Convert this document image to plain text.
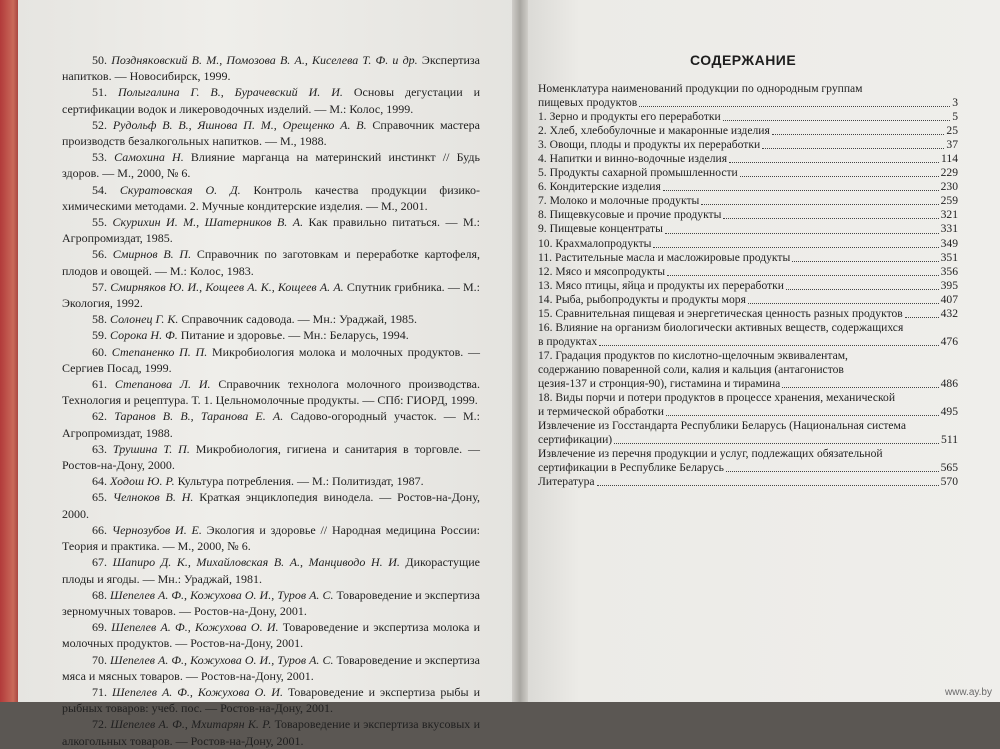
50. Позднякoвский В. М., Помозова В. А., Киселева Т. Ф. и др. Экспертиза напитков. — Новосибирск, 1999.
51. Полыгалина Г. В., Бурачевский И. И. Основы дегустации и сертификации водок и ликероводочных изделий. — М.: Колос, 1999.
52. Рудольф В. В., Яшнова П. М., Орещенко А. В. Справочник мастера производств безалкогольных напитков. — М., 1988.
53. Самохина Н. Влияние марганца на материнский инстинкт // Будь здоров. — М., 2000, № 6.
54. Скуратовская О. Д. Контроль качества продукции физико-химическими методами. 2. Мучные кондитерские изделия. — М., 2001.
55. Скурихин И. М., Шатерников В. А. Как правильно питаться. — М.: Агропромиздат, 1985.
56. Смирнов В. П. Справочник по заготовкам и переработке картофеля, плодов и овощей. — М.: Колос, 1983.
57. Смирняков Ю. И., Кощеев А. К., Кощеев А. А. Спутник грибника. — М.: Экология, 1992.
58. Солонец Г. К. Справочник садовода. — Мн.: Ураджай, 1985.
59. Сорока Н. Ф. Питание и здоровье. — Мн.: Беларусь, 1994.
60. Степаненко П. П. Микробиология молока и молочных продуктов. — Сергиев Посад, 1999.
61. Степанова Л. И. Справочник технолога молочного производства. Технология и рецептура. Т. 1. Цельномолочные продукты. — СПб: ГИОРД, 1999.
62. Таранов В. В., Таранова Е. А. Садово-огородный участок. — М.: Агропромиздат, 1988.
63. Трушина Т. П. Микробиология, гигиена и санитария в торговле. — Ростов-на-Дону, 2000.
64. Ходош Ю. Р. Культура потребления. — М.: Политиздат, 1987.
65. Челноков В. Н. Краткая энциклопедия винодела. — Ростов-на-Дону, 2000.
66. Чернозубов И. Е. Экология и здоровье // Народная медицина России: Теория и практика. — М., 2000, № 6.
67. Шапиро Д. К., Михайловская В. А., Манциводо Н. И. Дикорастущие плоды и ягоды. — Мн.: Ураджай, 1981.
68. Шепелев А. Ф., Кожухова О. И., Туров А. С. Товароведение и экспертиза зерномучных товаров. — Ростов-на-Дону, 2001.
69. Шепелев А. Ф., Кожухова О. И. Товароведение и экспертиза молока и молочных продуктов. — Ростов-на-Дону, 2001.
70. Шепелев А. Ф., Кожухова О. И., Туров А. С. Товароведение и экспертиза мяса и мясных товаров. — Ростов-на-Дону, 2001.
71. Шепелев А. Ф., Кожухова О. И. Товароведение и экспертиза рыбы и рыбных товаров: учеб. пос. — Ростов-на-Дону, 2001.
72. Шепелев А. Ф., Мхитарян К. Р. Товароведение и экспертиза вкусовых и алкогольных товаров. — Ростов-на-Дону, 2001.
СОДЕРЖАНИЕ
Номенклатура наименований продукции по однородным группам
пищевых продуктов	3
1. Зерно и продукты его переработки	5
2. Хлеб, хлебобулочные и макаронные изделия	25
3. Овощи, плоды и продукты их переработки	37
4. Напитки и винно-водочные изделия	114
5. Продукты сахарной промышленности	229
6. Кондитерские изделия	230
7. Молоко и молочные продукты	259
8. Пищевкусовые и прочие продукты	321
9. Пищевые концентраты	331
10. Крахмалопродукты	349
11. Растительные масла и масложировые продукты	351
12. Мясо и мясопродукты	356
13. Мясо птицы, яйца и продукты их переработки	395
14. Рыба, рыбопродукты и продукты моря	407
15. Сравнительная пищевая и энергетическая ценность разных продуктов	432
16. Влияние на организм биологически активных веществ, содержащихся
в продуктах	476
17. Градация продуктов по кислотно-щелочным эквивалентам,
содержанию поваренной соли, калия и кальция (антагонистов
цезия-137 и стронция-90), гистамина и тирамина	486
18. Виды порчи и потери продуктов в процессе хранения, механической
и термической обработки	495
Извлечение из Госстандарта Республики Беларусь (Национальная система
сертификации)	511
Извлечение из перечня продукции и услуг, подлежащих обязательной
сертификации в Республике Беларусь	565
Литература	570
www.ay.by
